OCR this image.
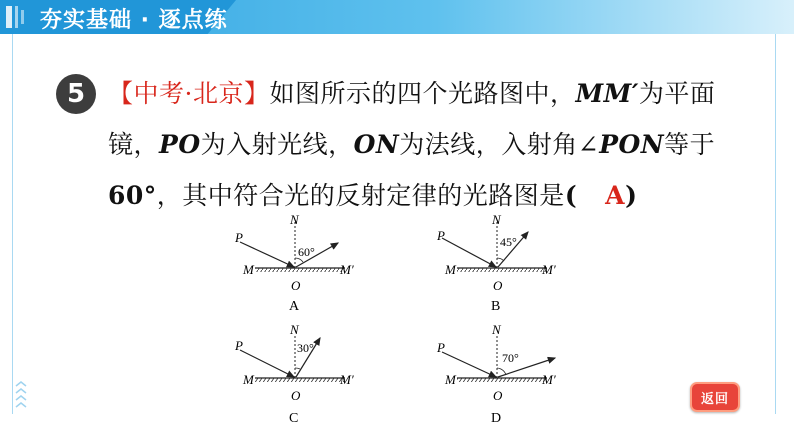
夯实基础 · 逐点练
5 【中考·北京】如图所示的四个光路图中，MM′为平面
镜，PO为入射光线，ON为法线，入射角∠PON等于
60°，其中符合光的反射定律的光路图是( A)
P
N
60°
M	M′
O
A
P
N
45°
M	M′
O
B
P
N
30°
M	M′
O
C
P
N
70°
M	M′
O
D
返回
